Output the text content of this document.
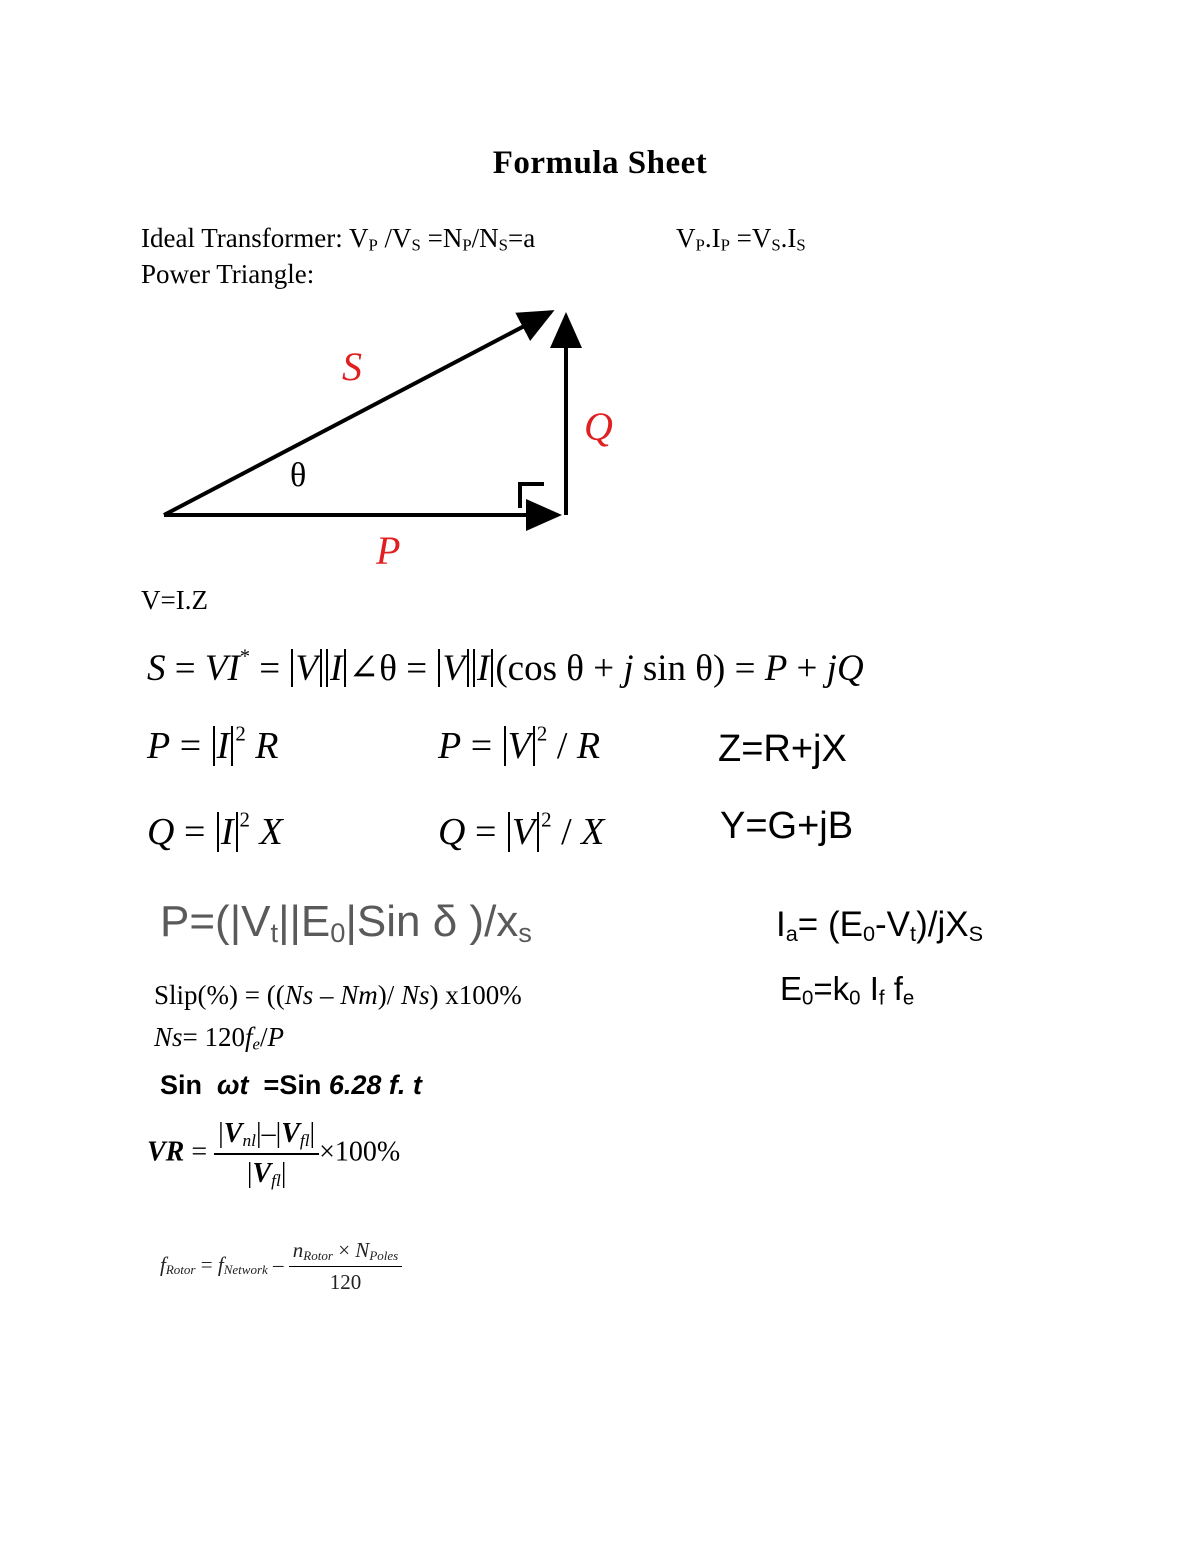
Formula Sheet
Ideal Transformer: $V_P$ $/V_S =N_P/N_S=a$	$V_P.I_P =V_S.I_S$
Power Triangle:
θ
S
Q
P
V=I.Z
S = VI* = V I ∠θ = V I (cos θ + j sin θ) = P + jQ
P = I $^2$ R	P = V $^2$ / R	Z=R+jX
Q = I $^2$ X	Q = V $^2$ / X	Y=G+jB
$P=(|V_t||E_0|Sin$ δ )$/x_s$	$I_a= (E_0-V_t)/jX_S$
$E_0=k_0$ $I_f$ $f_e$
Slip(%) = ((Ns – Nm)/ Ns) x100%
$Ns= 120f_e/P$
Sin  ωt  =Sin 6.28 f. t
VR = $\frac{|V_{nl}|-|V_{fl}|}{|V_{fl}|} \times 100\%$
$f_{Rotor} = f_{Network} - \frac{n_{Rotor} \times N_{Poles}}{120}$
